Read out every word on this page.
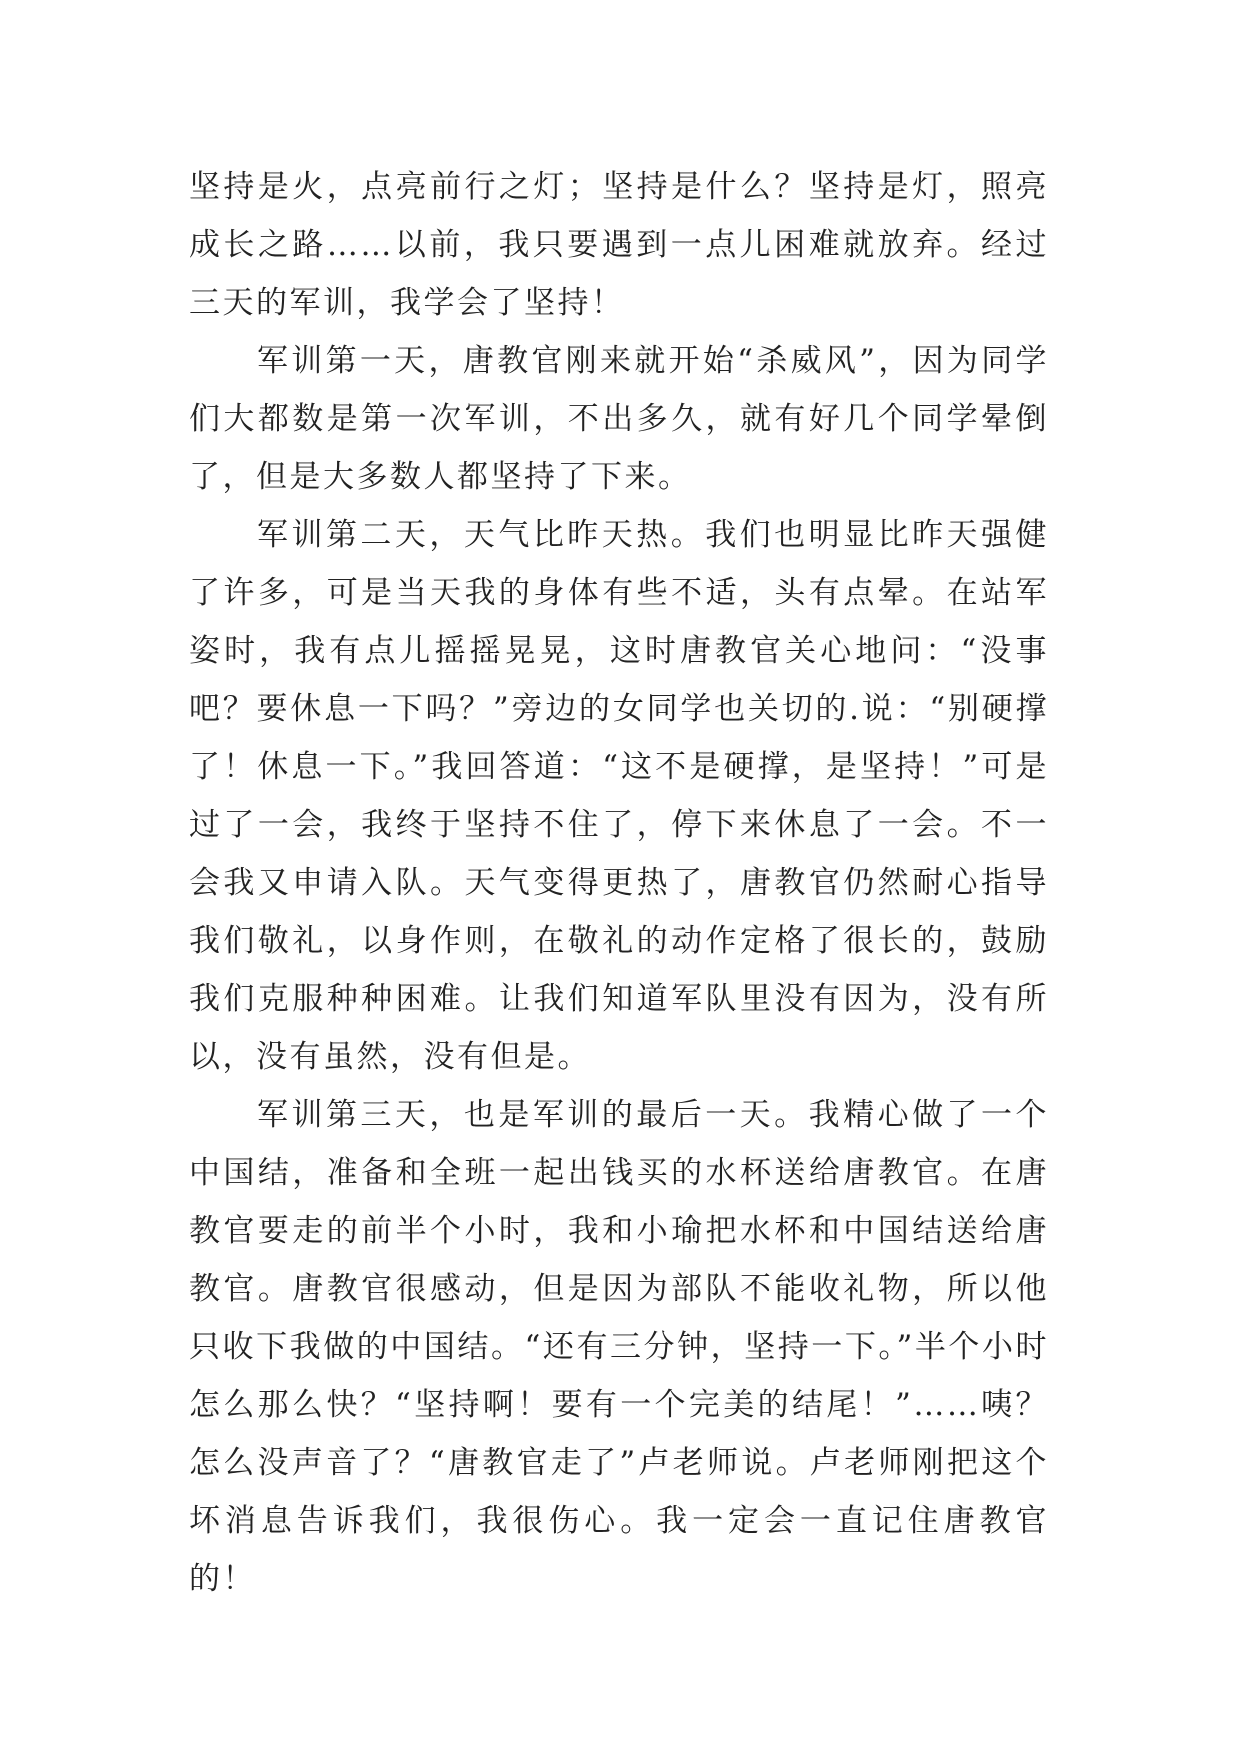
坚持是火，点亮前行之灯；坚持是什么？坚持是灯，照亮成长之路……以前，我只要遇到一点儿困难就放弃。经过三天的军训，我学会了坚持！

军训第一天，唐教官刚来就开始“杀威风”，因为同学们大都数是第一次军训，不出多久，就有好几个同学晕倒了，但是大多数人都坚持了下来。

军训第二天，天气比昨天热。我们也明显比昨天强健了许多，可是当天我的身体有些不适，头有点晕。在站军姿时，我有点儿摇摇晃晃，这时唐教官关心地问：“没事吧？要休息一下吗？”旁边的女同学也关切的.说：“别硬撑了！休息一下。”我回答道：“这不是硬撑，是坚持！”可是过了一会，我终于坚持不住了，停下来休息了一会。不一会我又申请入队。天气变得更热了，唐教官仍然耐心指导我们敬礼，以身作则，在敬礼的动作定格了很长的，鼓励我们克服种种困难。让我们知道军队里没有因为，没有所以，没有虽然，没有但是。

军训第三天，也是军训的最后一天。我精心做了一个中国结，准备和全班一起出钱买的水杯送给唐教官。在唐教官要走的前半个小时，我和小瑜把水杯和中国结送给唐教官。唐教官很感动，但是因为部队不能收礼物，所以他只收下我做的中国结。“还有三分钟，坚持一下。”半个小时怎么那么快？“坚持啊！要有一个完美的结尾！”……咦？怎么没声音了？“唐教官走了”卢老师说。卢老师刚把这个坏消息告诉我们，我很伤心。我一定会一直记住唐教官的！
